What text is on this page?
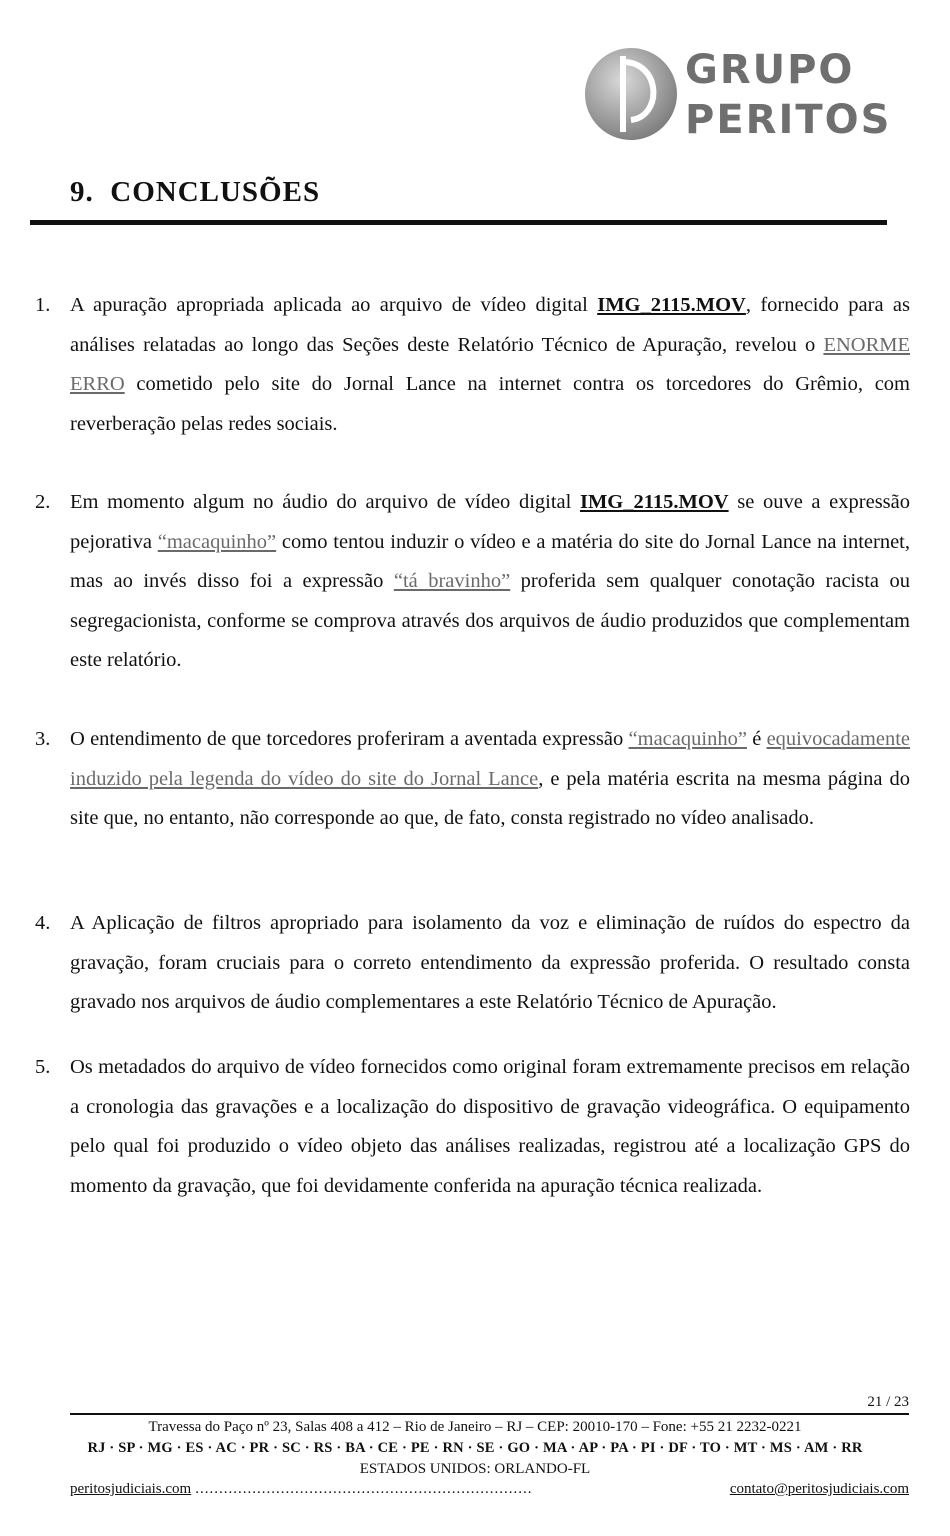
GRUPO
PERITOS
9. CONCLUSÕES
1. A apuração apropriada aplicada ao arquivo de vídeo digital IMG_2115.MOV, fornecido para as análises relatadas ao longo das Seções deste Relatório Técnico de Apuração, revelou o ENORME ERRO cometido pelo site do Jornal Lance na internet contra os torcedores do Grêmio, com reverberação pelas redes sociais.

2. Em momento algum no áudio do arquivo de vídeo digital IMG_2115.MOV se ouve a expressão pejorativa “macaquinho” como tentou induzir o vídeo e a matéria do site do Jornal Lance na internet, mas ao invés disso foi a expressão “tá bravinho” proferida sem qualquer conotação racista ou segregacionista, conforme se comprova através dos arquivos de áudio produzidos que complementam este relatório.

3. O entendimento de que torcedores proferiram a aventada expressão “macaquinho” é equivocadamente induzido pela legenda do vídeo do site do Jornal Lance, e pela matéria escrita na mesma página do site que, no entanto, não corresponde ao que, de fato, consta registrado no vídeo analisado.

4. A Aplicação de filtros apropriado para isolamento da voz e eliminação de ruídos do espectro da gravação, foram cruciais para o correto entendimento da expressão proferida. O resultado consta gravado nos arquivos de áudio complementares a este Relatório Técnico de Apuração.

5. Os metadados do arquivo de vídeo fornecidos como original foram extremamente precisos em relação a cronologia das gravações e a localização do dispositivo de gravação videográfica. O equipamento pelo qual foi produzido o vídeo objeto das análises realizadas, registrou até a localização GPS do momento da gravação, que foi devidamente conferida na apuração técnica realizada.

21 / 23
Travessa do Paço nº 23, Salas 408 a 412 – Rio de Janeiro – RJ – CEP: 20010-170 – Fone: +55 21 2232-0221
RJ · SP · MG · ES · AC · PR · SC · RS · BA · CE · PE · RN · SE · GO · MA · AP · PA · PI · DF · TO · MT · MS · AM · RR
ESTADOS UNIDOS: ORLANDO-FL
peritosjudiciais.com .......................................................................	contato@peritosjudiciais.com
